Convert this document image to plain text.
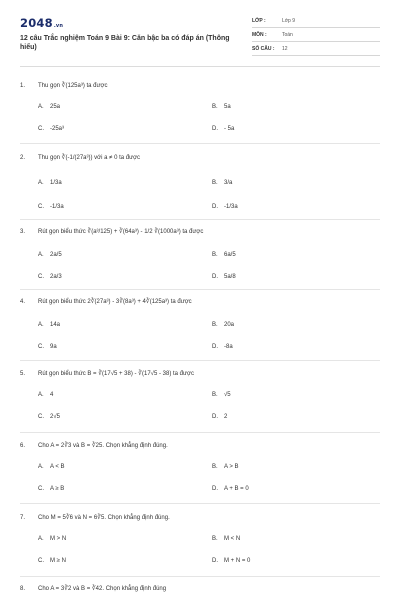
2048.vn
12 câu Trắc nghiệm Toán 9 Bài 9: Căn bậc ba có đáp án (Thông hiểu)
LỚP :	Lớp 9
MÔN :	Toán
SỐ CÂU : 12
1. Thu gọn ∛(125a³) ta được
A. 25a	B. 5a
C. -25a³	D. - 5a
2. Thu gọn ∛(-1/(27a³)) với a ≠ 0 ta được
A. 1/3a	B. 3/a
C. -1/3a	D. -1/3a
3. Rút gọn biểu thức ∛(a³/125) + ∛(64a³) - 1/2 ∛(1000a³) ta được
A. 2a/5	B. 6a/5
C. 2a/3	D. 5a/8
4. Rút gọn biểu thức 2∛(27a³) - 3∛(8a³) + 4∛(125a³) ta được
A. 14a	B. 20a
C. 9a	D. -8a
5. Rút gọn biểu thức B = ∛(17√5 + 38) - ∛(17√5 - 38) ta được
A. 4	B. √5
C. 2√5	D. 2
6. Cho A = 2∛3 và B = ∛25. Chọn khẳng định đúng.
A. A < B	B. A > B
C. A ≥ B	D. A + B = 0
7. Cho M = 5∛6 và N = 6∛5. Chọn khẳng định đúng.
A. M > N	B. M < N
C. M ≥ N	D. M + N = 0
8. Cho A = 3∛2 và B = ∛42. Chọn khẳng định đúng
